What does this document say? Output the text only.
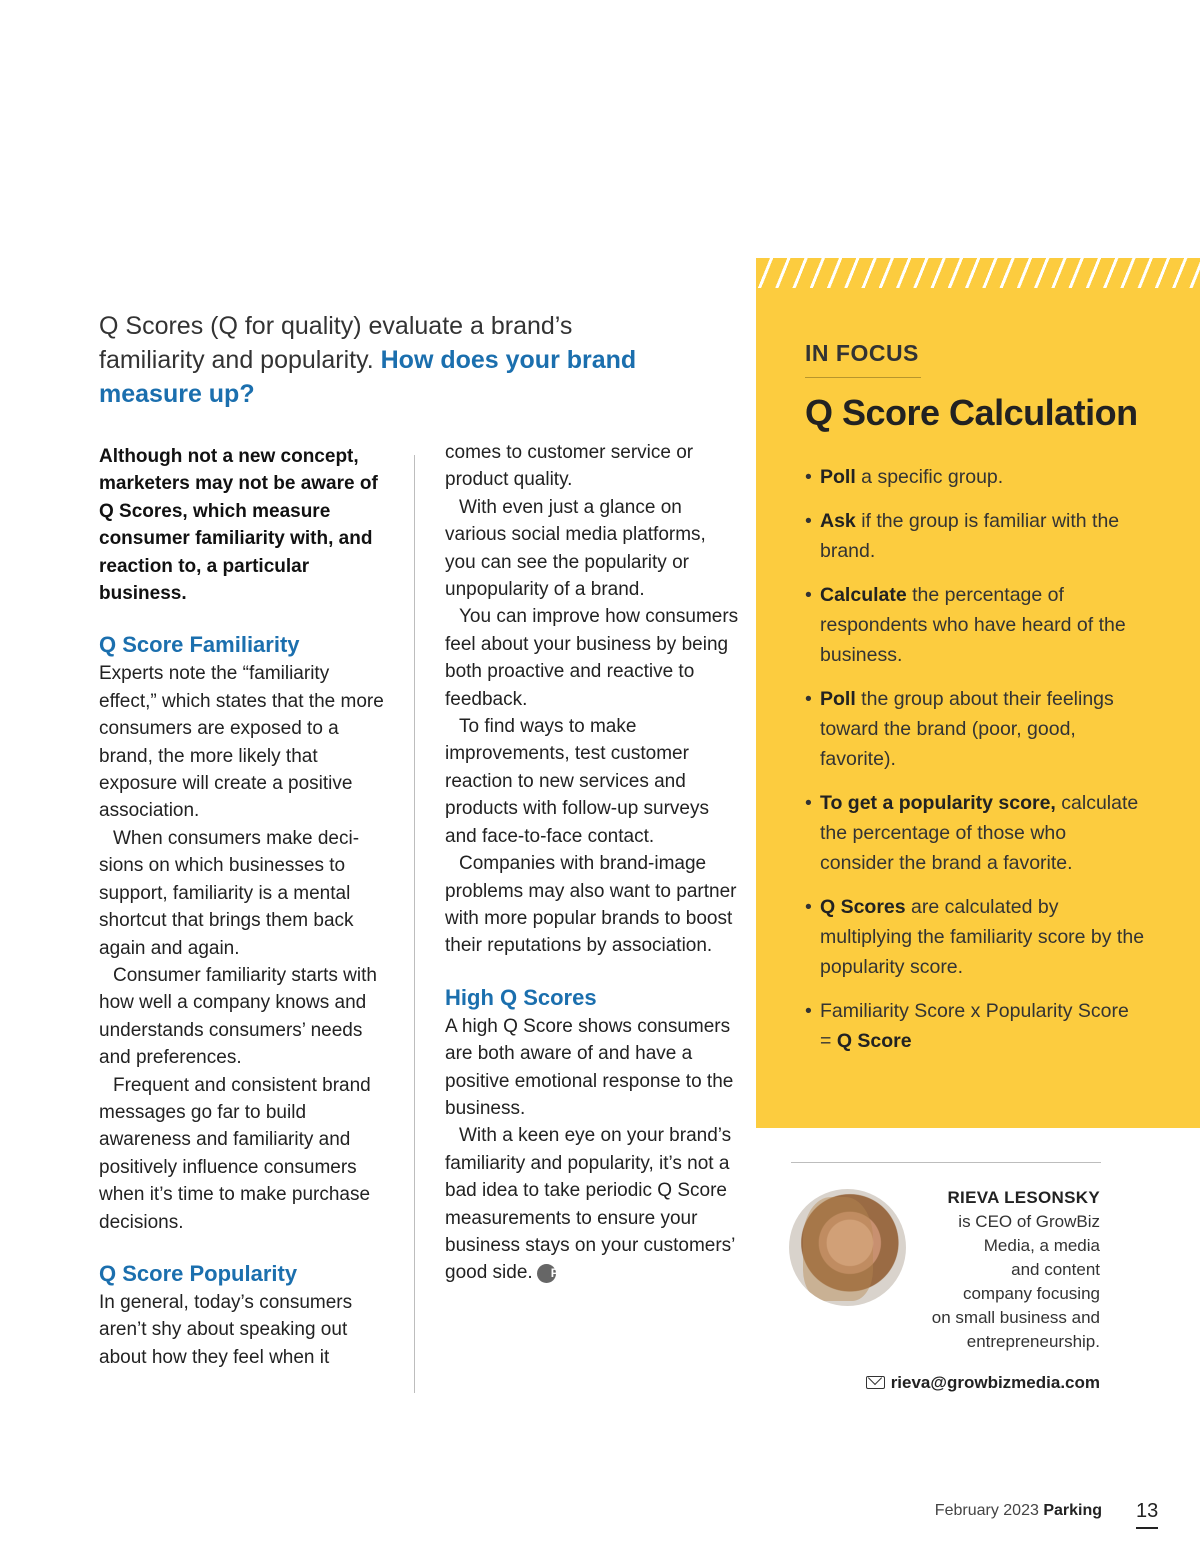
Q Scores (Q for quality) evaluate a brand’s familiarity and popularity. How does your brand measure up?

Although not a new concept, marketers may not be aware of Q Scores, which measure consumer familiarity with, and reaction to, a particular business.

Q Score Familiarity

Experts note the “familiarity effect,” which states that the more consumers are exposed to a brand, the more likely that exposure will create a positive association.

When consumers make decisions on which businesses to support, familiarity is a mental shortcut that brings them back again and again.

Consumer familiarity starts with how well a company knows and understands consumers’ needs and preferences.

Frequent and consistent brand messages go far to build awareness and familiarity and positively influence consumers when it’s time to make purchase decisions.

Q Score Popularity

In general, today’s consumers aren’t shy about speaking out about how they feel when it

comes to customer service or product quality.

With even just a glance on various social media platforms, you can see the popularity or unpopularity of a brand.

You can improve how consumers feel about your business by being both proactive and reactive to feedback.

To find ways to make improvements, test customer reaction to new services and products with follow-up surveys and face-to-face contact.

Companies with brand-image problems may also want to partner with more popular brands to boost their reputations by association.

High Q Scores

A high Q Score shows consumers are both aware of and have a positive emotional response to the business.

With a keen eye on your brand’s familiarity and popularity, it’s not a bad idea to take periodic Q Score measurements to ensure your business stays on your customers’ good side. P

IN FOCUS
Q Score Calculation
• Poll a specific group.
• Ask if the group is familiar with the brand.
• Calculate the percentage of respondents who have heard of the business.
• Poll the group about their feelings toward the brand (poor, good, favorite).
• To get a popularity score, calculate the percentage of those who consider the brand a favorite.
• Q Scores are calculated by multiplying the familiarity score by the popularity score.
• Familiarity Score x Popularity Score = Q Score
RIEVA LESONSKY
is CEO of GrowBiz
Media, a media
and content
company focusing
on small business and
entrepreneurship.
rieva@growbizmedia.com
February 2023 Parking 13
